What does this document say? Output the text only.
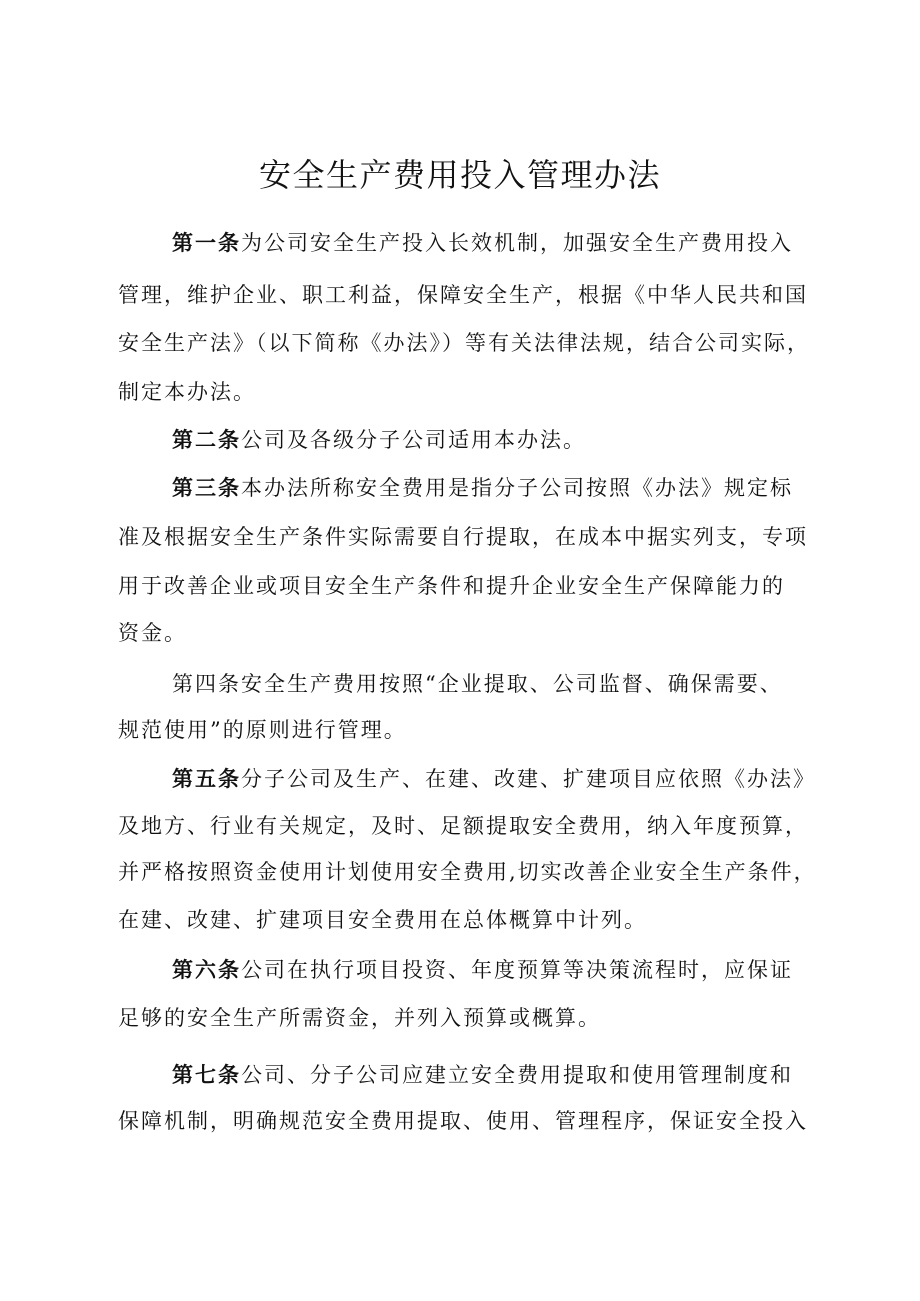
安全生产费用投入管理办法
第一条为公司安全生产投入长效机制，加强安全生产费用投入
管理，维护企业、职工利益，保障安全生产，根据《中华人民共和国
安全生产法》（以下简称《办法》）等有关法律法规，结合公司实际，
制定本办法。
第二条公司及各级分子公司适用本办法。
第三条本办法所称安全费用是指分子公司按照《办法》规定标
准及根据安全生产条件实际需要自行提取，在成本中据实列支，专项
用于改善企业或项目安全生产条件和提升企业安全生产保障能力的
资金。
第四条安全生产费用按照“企业提取、公司监督、确保需要、
规范使用”的原则进行管理。
第五条分子公司及生产、在建、改建、扩建项目应依照《办法》
及地方、行业有关规定，及时、足额提取安全费用，纳入年度预算，
并严格按照资金使用计划使用安全费用,切实改善企业安全生产条件，
在建、改建、扩建项目安全费用在总体概算中计列。
第六条公司在执行项目投资、年度预算等决策流程时，应保证
足够的安全生产所需资金，并列入预算或概算。
第七条公司、分子公司应建立安全费用提取和使用管理制度和
保障机制，明确规范安全费用提取、使用、管理程序，保证安全投入
